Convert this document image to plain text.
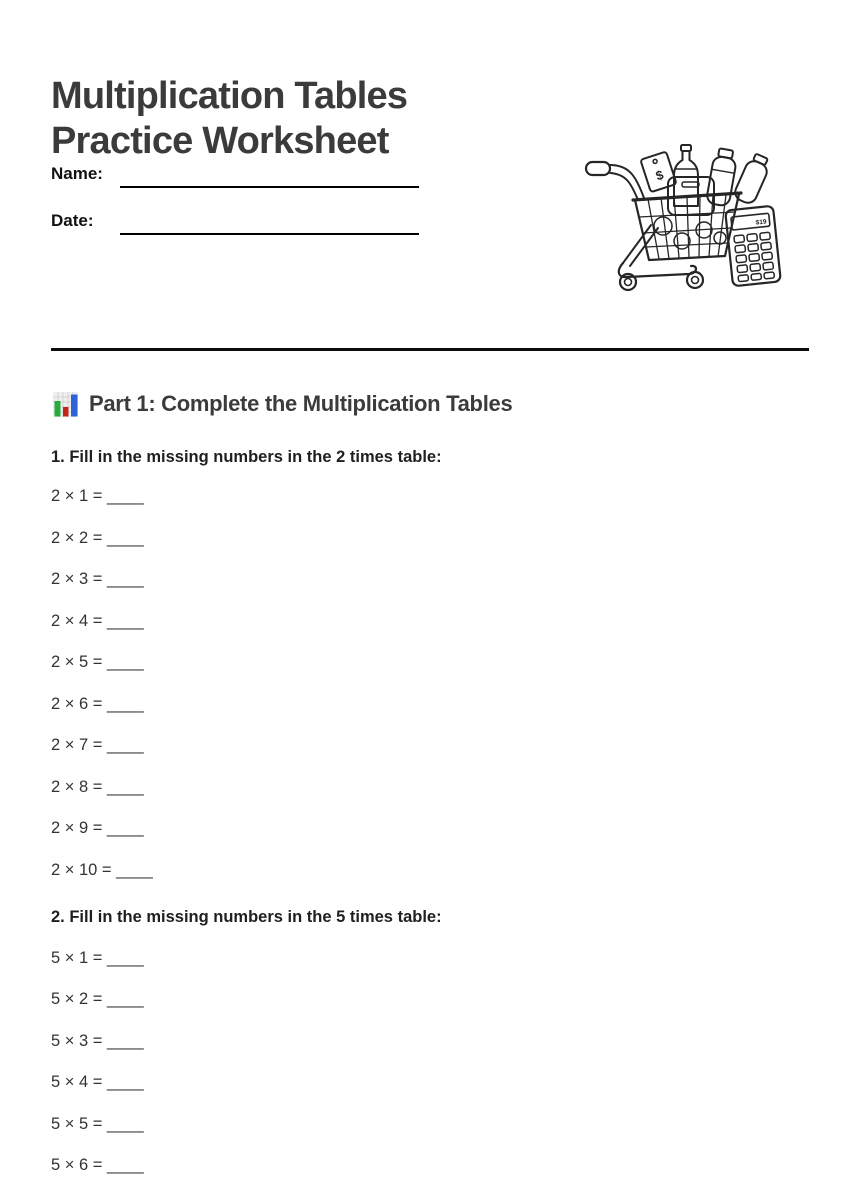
Multiplication Tables
Practice Worksheet
Name:
Date:
$
$19
Part 1: Complete the Multiplication Tables
1. Fill in the missing numbers in the 2 times table:
2 × 1 = ____
2 × 2 = ____
2 × 3 = ____
2 × 4 = ____
2 × 5 = ____
2 × 6 = ____
2 × 7 = ____
2 × 8 = ____
2 × 9 = ____
2 × 10 = ____
2. Fill in the missing numbers in the 5 times table:
5 × 1 = ____
5 × 2 = ____
5 × 3 = ____
5 × 4 = ____
5 × 5 = ____
5 × 6 = ____
